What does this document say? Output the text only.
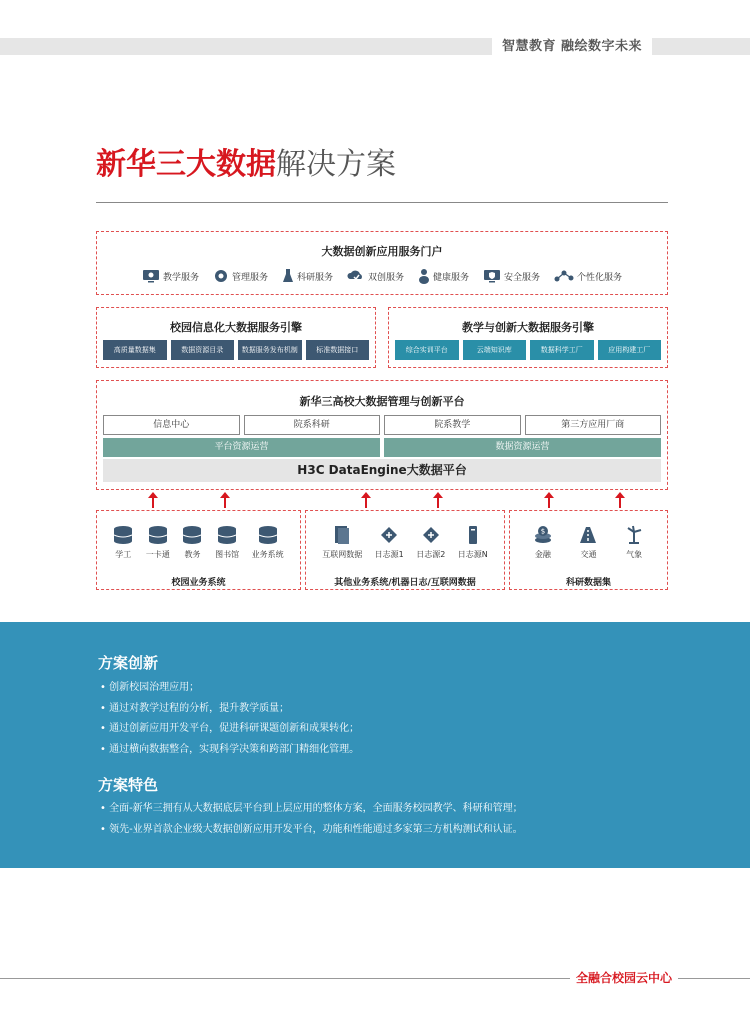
智慧教育 融绘数字未来
新华三大数据解决方案
大数据创新应用服务门户
教学服务	管理服务	科研服务	双创服务	健康服务	安全服务	个性化服务
校园信息化大数据服务引擎
高质量数据集	数据资源目录	数据服务发布机制	标准数据接口
教学与创新大数据服务引擎
综合实训平台	云端知识库	数据科学工厂	应用构建工厂
新华三高校大数据管理与创新平台
信息中心	院系科研	院系教学	第三方应用厂商
平台资源运营	数据资源运营
H3C DataEngine大数据平台
学工 一卡通 教务 图书馆 业务系统
校园业务系统
互联网数据 日志源1 日志源2 日志源N
其他业务系统/机器日志/互联网数据
$
金融	交通	气象
科研数据集
方案创新
• 创新校园治理应用；
• 通过对教学过程的分析，提升教学质量；
• 通过创新应用开发平台，促进科研课题创新和成果转化；
• 通过横向数据整合，实现科学决策和跨部门精细化管理。
方案特色
• 全面-新华三拥有从大数据底层平台到上层应用的整体方案，全面服务校园教学、科研和管理；
• 领先-业界首款企业级大数据创新应用开发平台，功能和性能通过多家第三方机构测试和认证。
全融合校园云中心
